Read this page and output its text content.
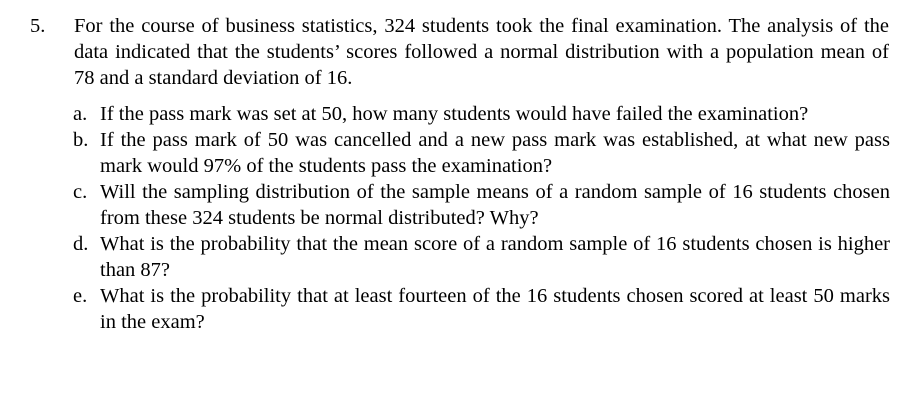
5.	For the course of business statistics, 324 students took the final examination. The analysis of the data indicated that the students’ scores followed a normal distribution with a population mean of 78 and a standard deviation of 16.
a. If the pass mark was set at 50, how many students would have failed the examination?
b. If the pass mark of 50 was cancelled and a new pass mark was established, at what new pass mark would 97% of the students pass the examination?
c. Will the sampling distribution of the sample means of a random sample of 16 students chosen from these 324 students be normal distributed? Why?
d. What is the probability that the mean score of a random sample of 16 students chosen is higher than 87?
e. What is the probability that at least fourteen of the 16 students chosen scored at least 50 marks in the exam?
